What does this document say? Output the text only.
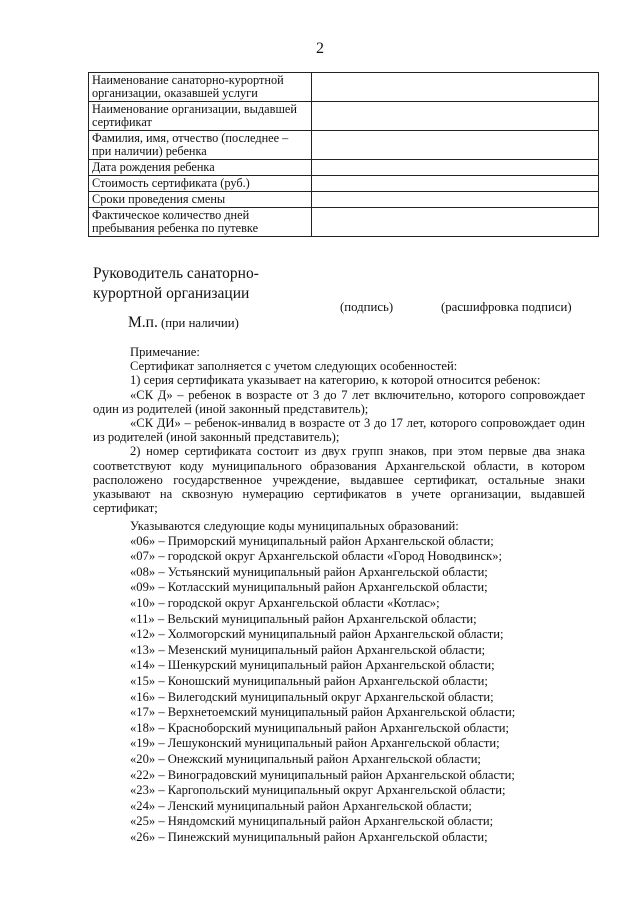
2
Наименование санаторно-курортной организации, оказавшей услуги	
Наименование организации, выдавшей сертификат	
Фамилия, имя, отчество (последнее – при наличии) ребенка	
Дата рождения ребенка	
Стоимость сертификата (руб.)	
Сроки проведения смены	
Фактическое количество дней пребывания ребенка по путевке	
Руководитель санаторно-
курортной организации
(подпись)	(расшифровка подписи)
М.п. (при наличии)

Примечание:

Сертификат заполняется с учетом следующих особенностей:

1) серия сертификата указывает на категорию, к которой относится ребенок:

«СК Д» – ребенок в возрасте от 3 до 7 лет включительно, которого сопровождает один из родителей (иной законный представитель);

«СК ДИ» – ребенок-инвалид в возрасте от 3 до 17 лет, которого сопровождает один из родителей (иной законный представитель);

2) номер сертификата состоит из двух групп знаков, при этом первые два знака соответствуют коду муниципального образования Архангельской области, в котором расположено государственное учреждение, выдавшее сертификат, остальные знаки указывают на сквозную нумерацию сертификатов в учете организации, выдавшей сертификат;

Указываются следующие коды муниципальных образований:

«06» – Приморский муниципальный район Архангельской области;
«07» – городской округ Архангельской области «Город Новодвинск»;
«08» – Устьянский муниципальный район Архангельской области;
«09» – Котласский муниципальный район Архангельской области;
«10» – городской округ Архангельской области «Котлас»;
«11» – Вельский муниципальный район Архангельской области;
«12» – Холмогорский муниципальный район Архангельской области;
«13» – Мезенский муниципальный район Архангельской области;
«14» – Шенкурский муниципальный район Архангельской области;
«15» – Коношский муниципальный район Архангельской области;
«16» – Вилегодский муниципальный округ Архангельской области;
«17» – Верхнетоемский муниципальный район Архангельской области;
«18» – Красноборский муниципальный район Архангельской области;
«19» – Лешуконский муниципальный район Архангельской области;
«20» – Онежский муниципальный район Архангельской области;
«22» – Виноградовский муниципальный район Архангельской области;
«23» – Каргопольский муниципальный округ Архангельской области;
«24» – Ленский муниципальный район Архангельской области;
«25» – Няндомский муниципальный район Архангельской области;
«26» – Пинежский муниципальный район Архангельской области;
